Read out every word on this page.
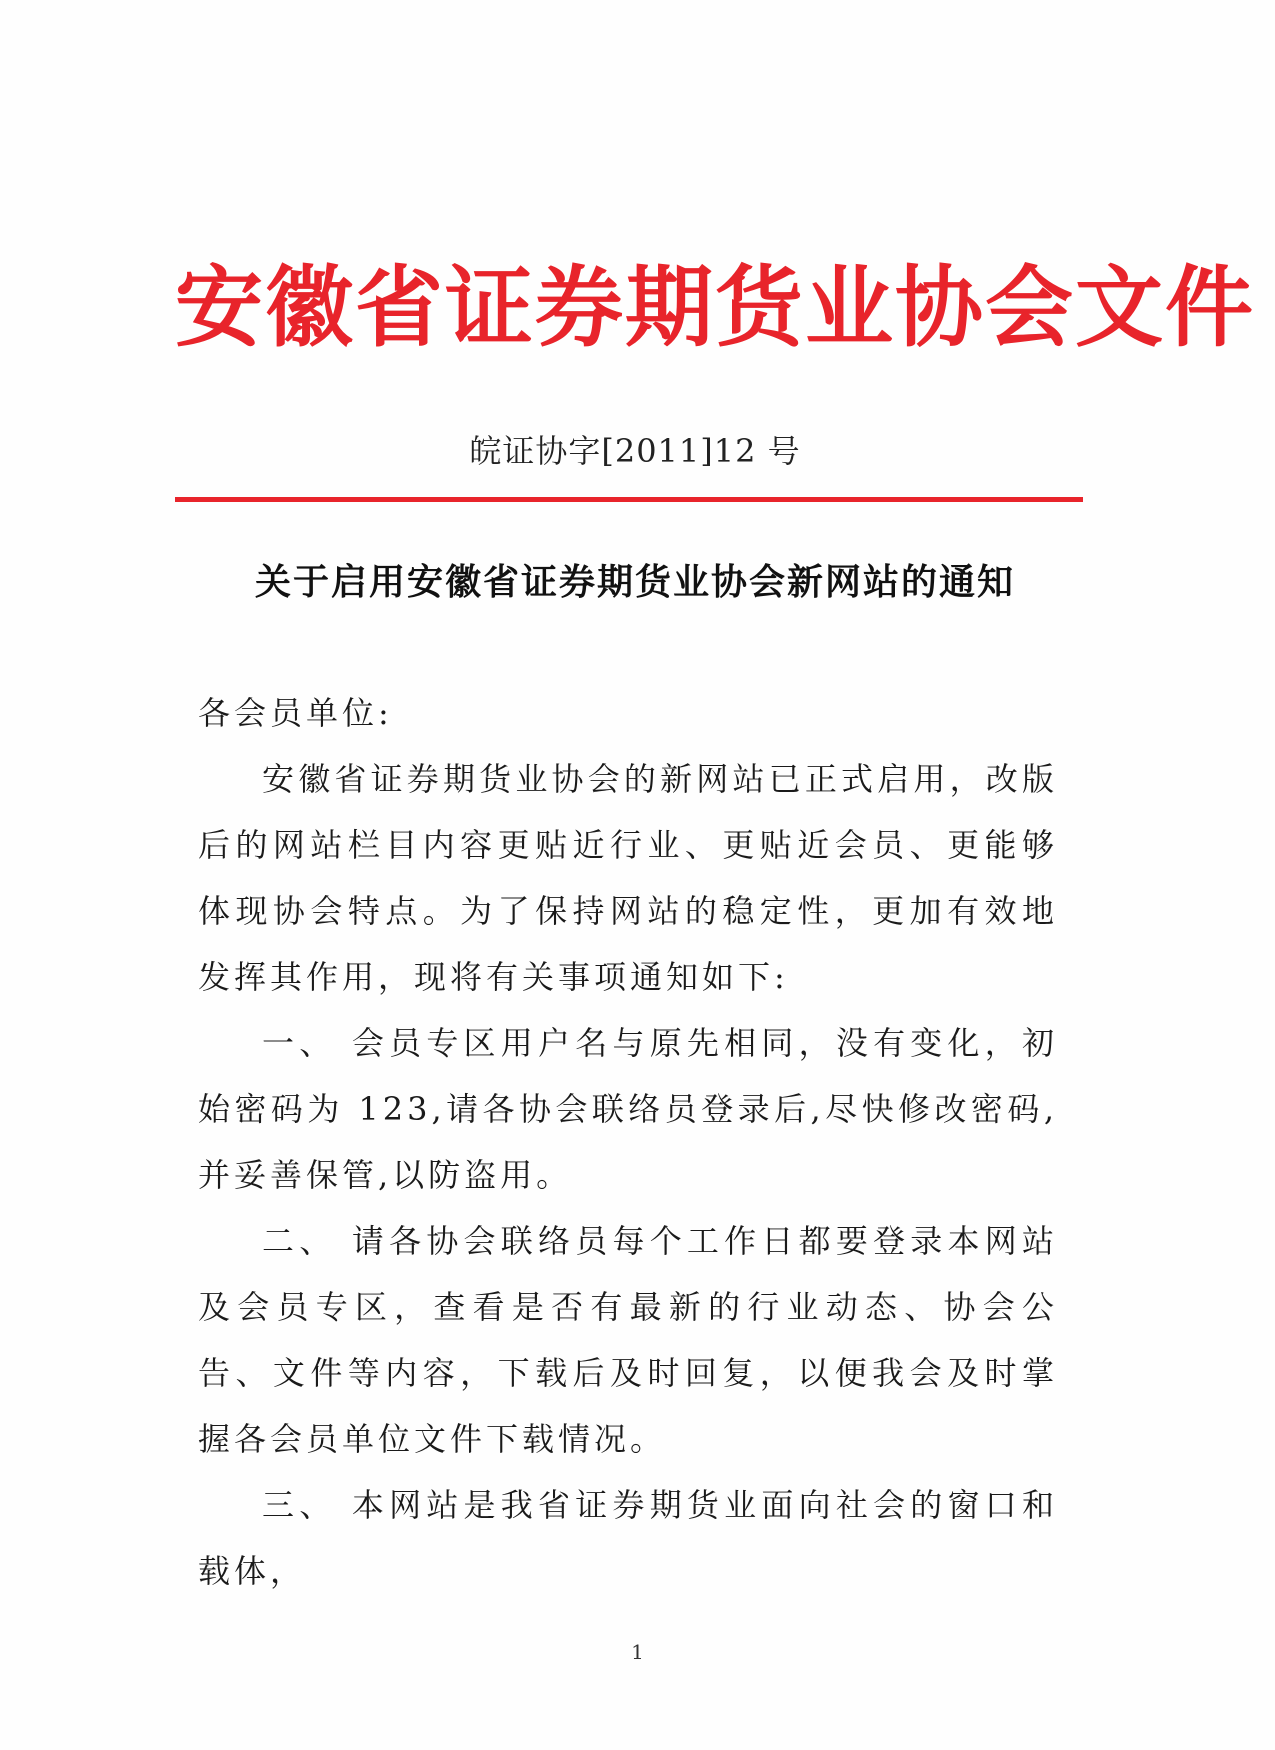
安徽省证券期货业协会文件
皖证协字[2011]12 号
关于启用安徽省证券期货业协会新网站的通知

各会员单位:

安徽省证券期货业协会的新网站已正式启用，改版后的网站栏目内容更贴近行业、更贴近会员、更能够体现协会特点。为了保持网站的稳定性，更加有效地发挥其作用，现将有关事项通知如下:

一、 会员专区用户名与原先相同，没有变化，初始密码为 123,请各协会联络员登录后,尽快修改密码,并妥善保管,以防盗用。

二、 请各协会联络员每个工作日都要登录本网站及会员专区，查看是否有最新的行业动态、协会公告、文件等内容，下载后及时回复，以便我会及时掌握各会员单位文件下载情况。

三、 本网站是我省证券期货业面向社会的窗口和载体，

1
